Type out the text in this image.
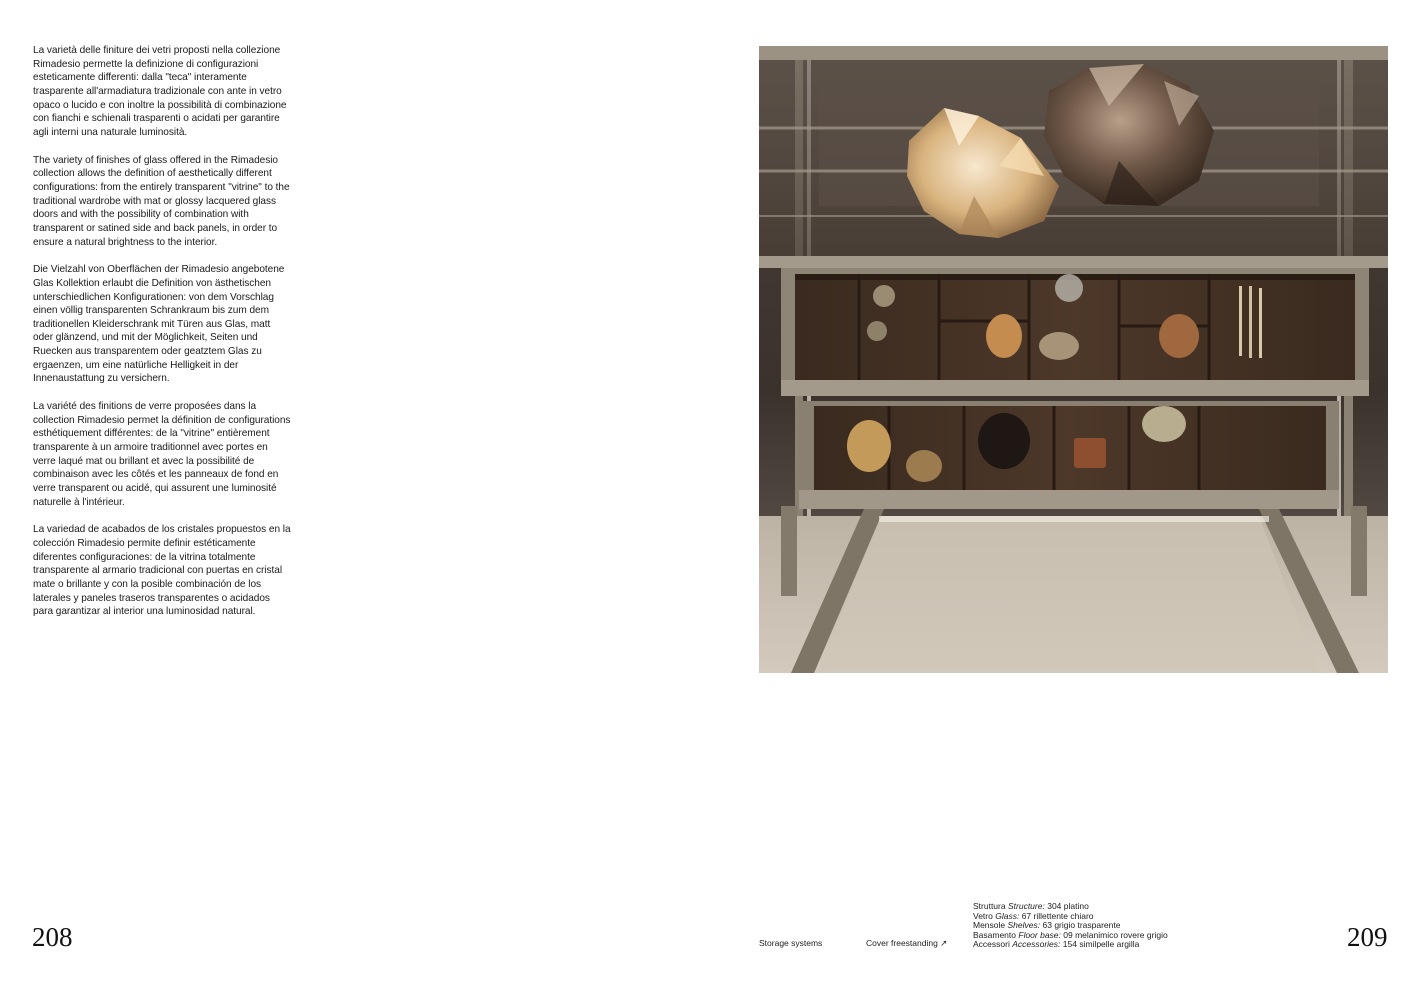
La varietà delle finiture dei vetri proposti nella collezione Rimadesio permette la definizione di configurazioni esteticamente differenti: dalla "teca" interamente trasparente all'armadiatura tradizionale con ante in vetro opaco o lucido e con inoltre la possibilità di combinazione con fianchi e schienali trasparenti o acidati per garantire agli interni una naturale luminosità.

The variety of finishes of glass offered in the Rimadesio collection allows the definition of aesthetically different configurations: from the entirely transparent "vitrine" to the traditional wardrobe with mat or glossy lacquered glass doors and with the possibility of combination with transparent or satined side and back panels, in order to ensure a natural brightness to the interior.

Die Vielzahl von Oberflächen der Rimadesio angebotene Glas Kollektion erlaubt die Definition von ästhetischen unterschiedlichen Konfigurationen: von dem Vorschlag einen völlig transparenten Schrankraum bis zum dem traditionellen Kleiderschrank mit Türen aus Glas, matt oder glänzend, und mit der Möglichkeit, Seiten und Ruecken aus transparentem oder geatztem Glas zu ergaenzen, um eine natürliche Helligkeit in der Innenaustattung zu versichern.

La variété des finitions de verre proposées dans la collection Rimadesio permet la définition de configurations esthétiquement différentes: de la "vitrine" entièrement transparente à un armoire traditionnel avec portes en verre laqué mat ou brillant et avec la possibilité de combinaison avec les côtés et les panneaux de fond en verre transparent ou acidé, qui assurent une luminosité naturelle à l'intérieur.

La variedad de acabados de los cristales propuestos en la colección Rimadesio permite definir estéticamente diferentes configuraciones: de la vitrina totalmente transparente al armario tradicional con puertas en cristal mate o brillante y con la posible combinación de los laterales y paneles traseros transparentes o acidados para garantizar al interior una luminosidad natural.

208	209
Storage systems	Cover freestanding ↗
Struttura Structure: 304 platino
Vetro Glass: 67 rillettente chiaro
Mensole Shelves: 63 grigio trasparente
Basamento Floor base: 09 melanimico rovere grigio
Accessori Accessories: 154 similpelle argilla
